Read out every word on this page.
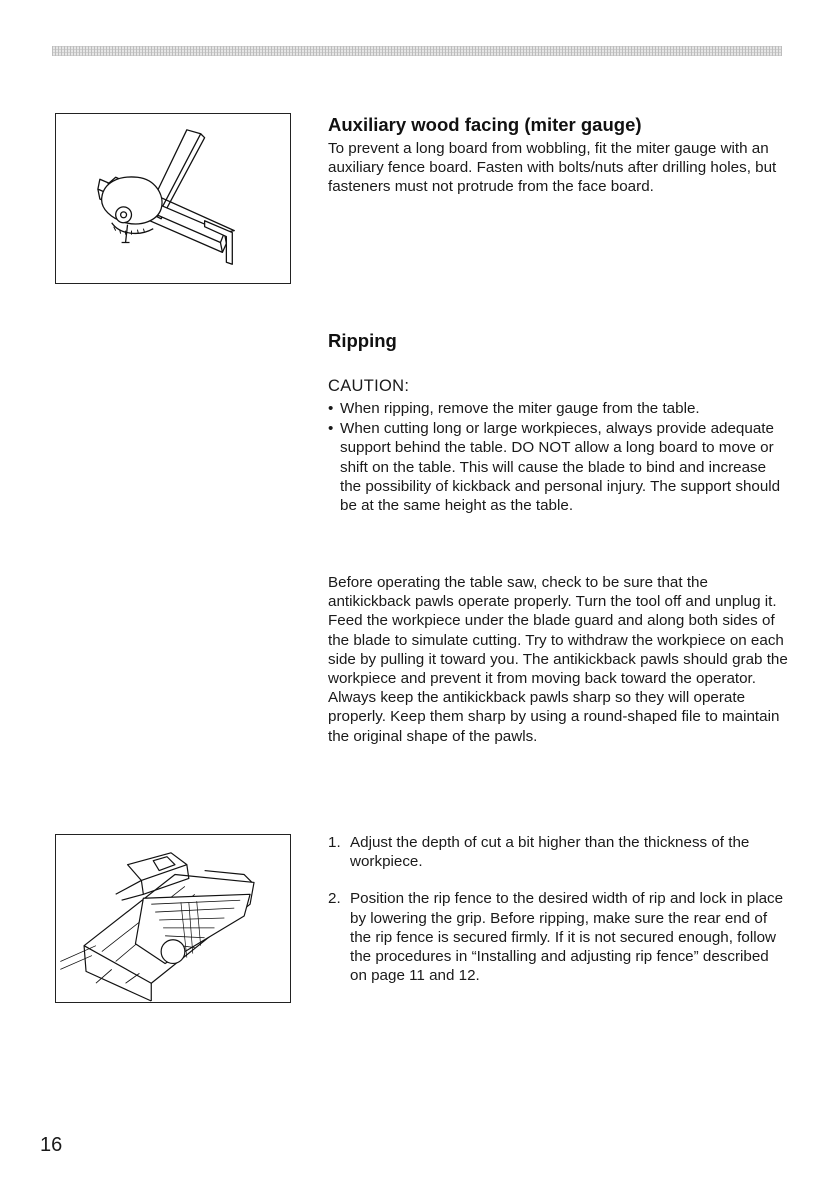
Auxiliary wood facing (miter gauge)

To prevent a long board from wobbling, fit the miter gauge with an auxiliary fence board. Fasten with bolts/nuts after drilling holes, but fasteners must not protrude from the face board.

Ripping
CAUTION:
• When ripping, remove the miter gauge from the table.
• When cutting long or large workpieces, always provide adequate support behind the table. DO NOT allow a long board to move or shift on the table. This will cause the blade to bind and increase the possibility of kickback and personal injury. The support should be at the same height as the table.
Before operating the table saw, check to be sure that the antikickback pawls operate properly. Turn the tool off and unplug it. Feed the workpiece under the blade guard and along both sides of the blade to simulate cutting. Try to withdraw the workpiece on each side by pulling it toward you. The antikickback pawls should grab the workpiece and prevent it from moving back toward the operator. Always keep the antikickback pawls sharp so they will operate properly. Keep them sharp by using a round-shaped file to maintain the original shape of the pawls.
1. Adjust the depth of cut a bit higher than the thickness of the workpiece.
2. Position the rip fence to the desired width of rip and lock in place by lowering the grip. Before ripping, make sure the rear end of the rip fence is secured firmly. If it is not secured enough, follow the procedures in “Installing and adjusting rip fence” described on page 11 and 12.
16
